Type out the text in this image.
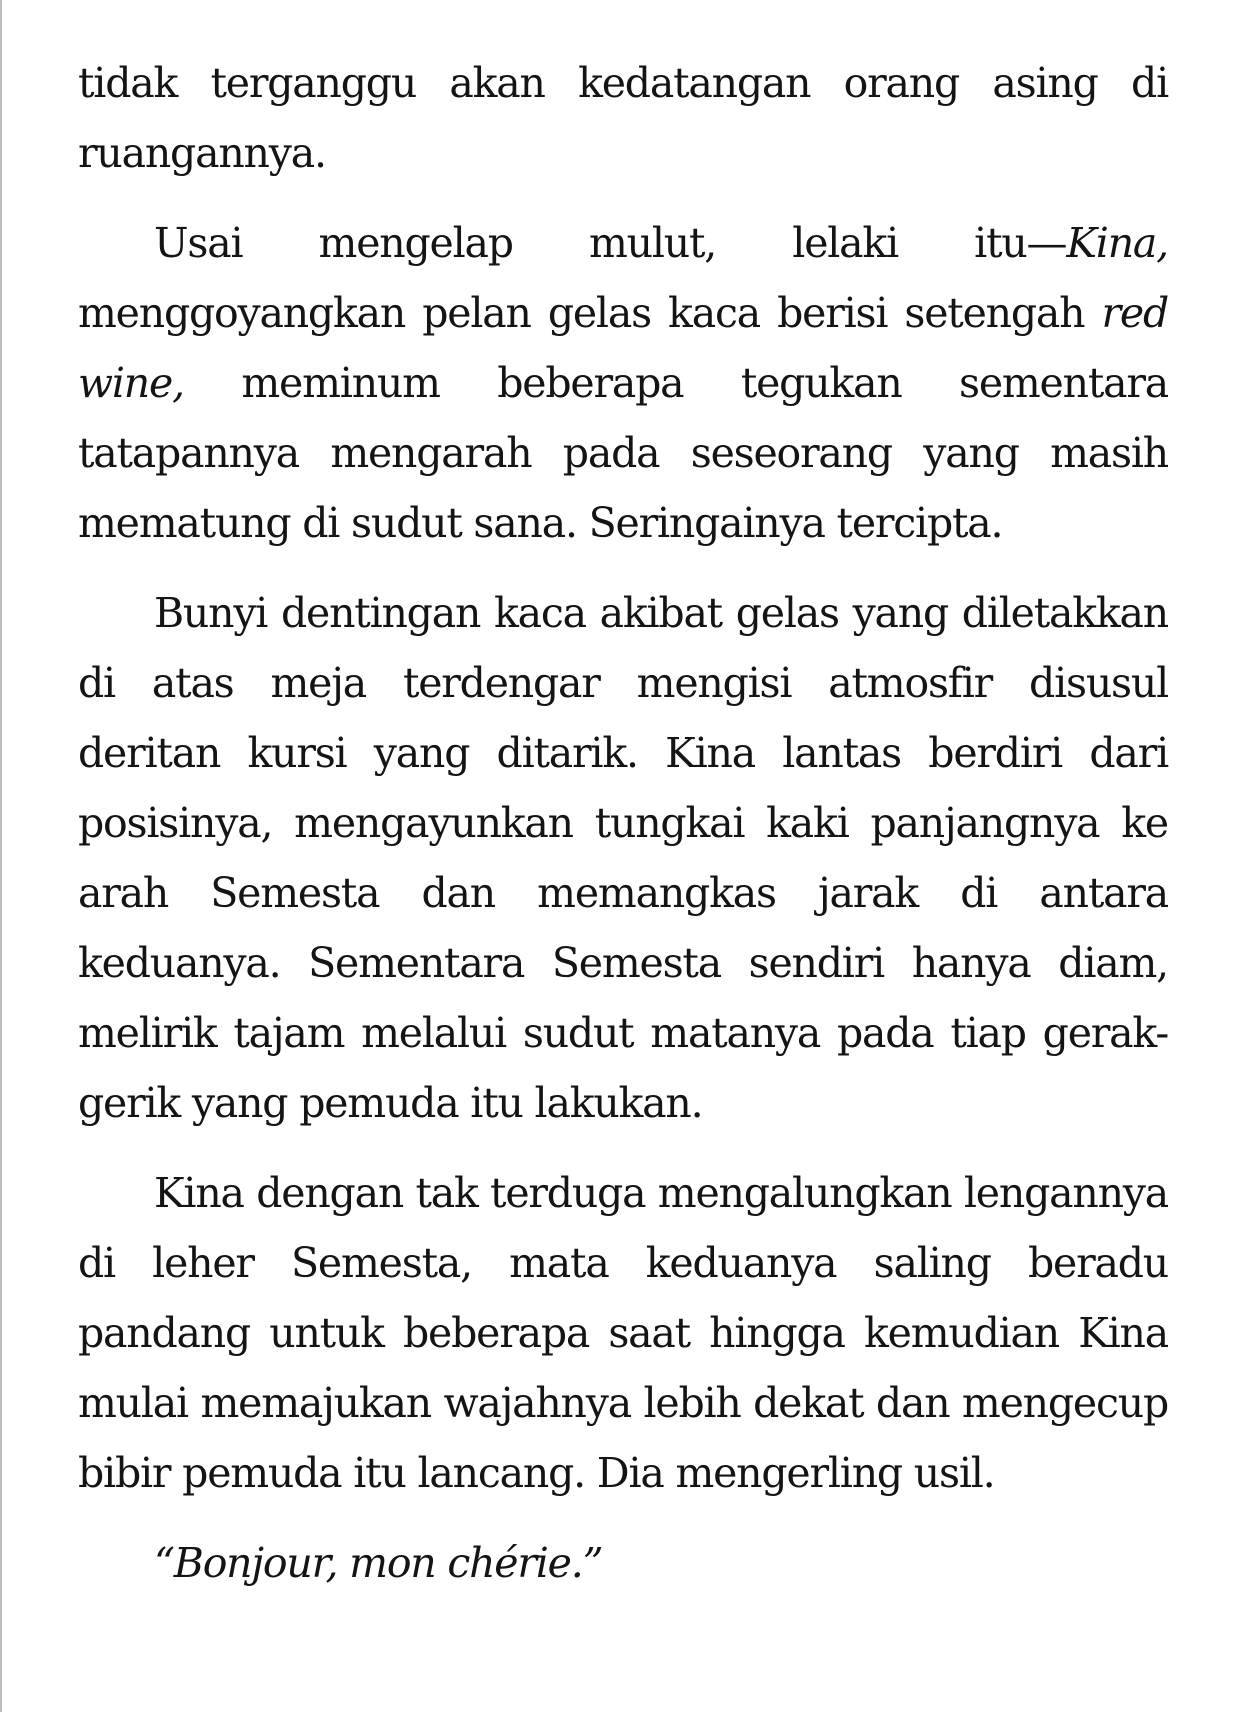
tidak terganggu akan kedatangan orang asing di ruangannya.

Usai mengelap mulut, lelaki itu—Kina, menggoyangkan pelan gelas kaca berisi setengah red wine, meminum beberapa tegukan sementara tatapannya mengarah pada seseorang yang masih mematung di sudut sana. Seringainya tercipta.

Bunyi dentingan kaca akibat gelas yang diletakkan di atas meja terdengar mengisi atmosfir disusul deritan kursi yang ditarik. Kina lantas berdiri dari posisinya, mengayunkan tungkai kaki panjangnya ke arah Semesta dan memangkas jarak di antara keduanya. Sementara Semesta sendiri hanya diam, melirik tajam melalui sudut matanya pada tiap gerak-gerik yang pemuda itu lakukan.

Kina dengan tak terduga mengalungkan lengannya di leher Semesta, mata keduanya saling beradu pandang untuk beberapa saat hingga kemudian Kina mulai memajukan wajahnya lebih dekat dan mengecup bibir pemuda itu lancang. Dia mengerling usil.

“Bonjour, mon chérie.”
